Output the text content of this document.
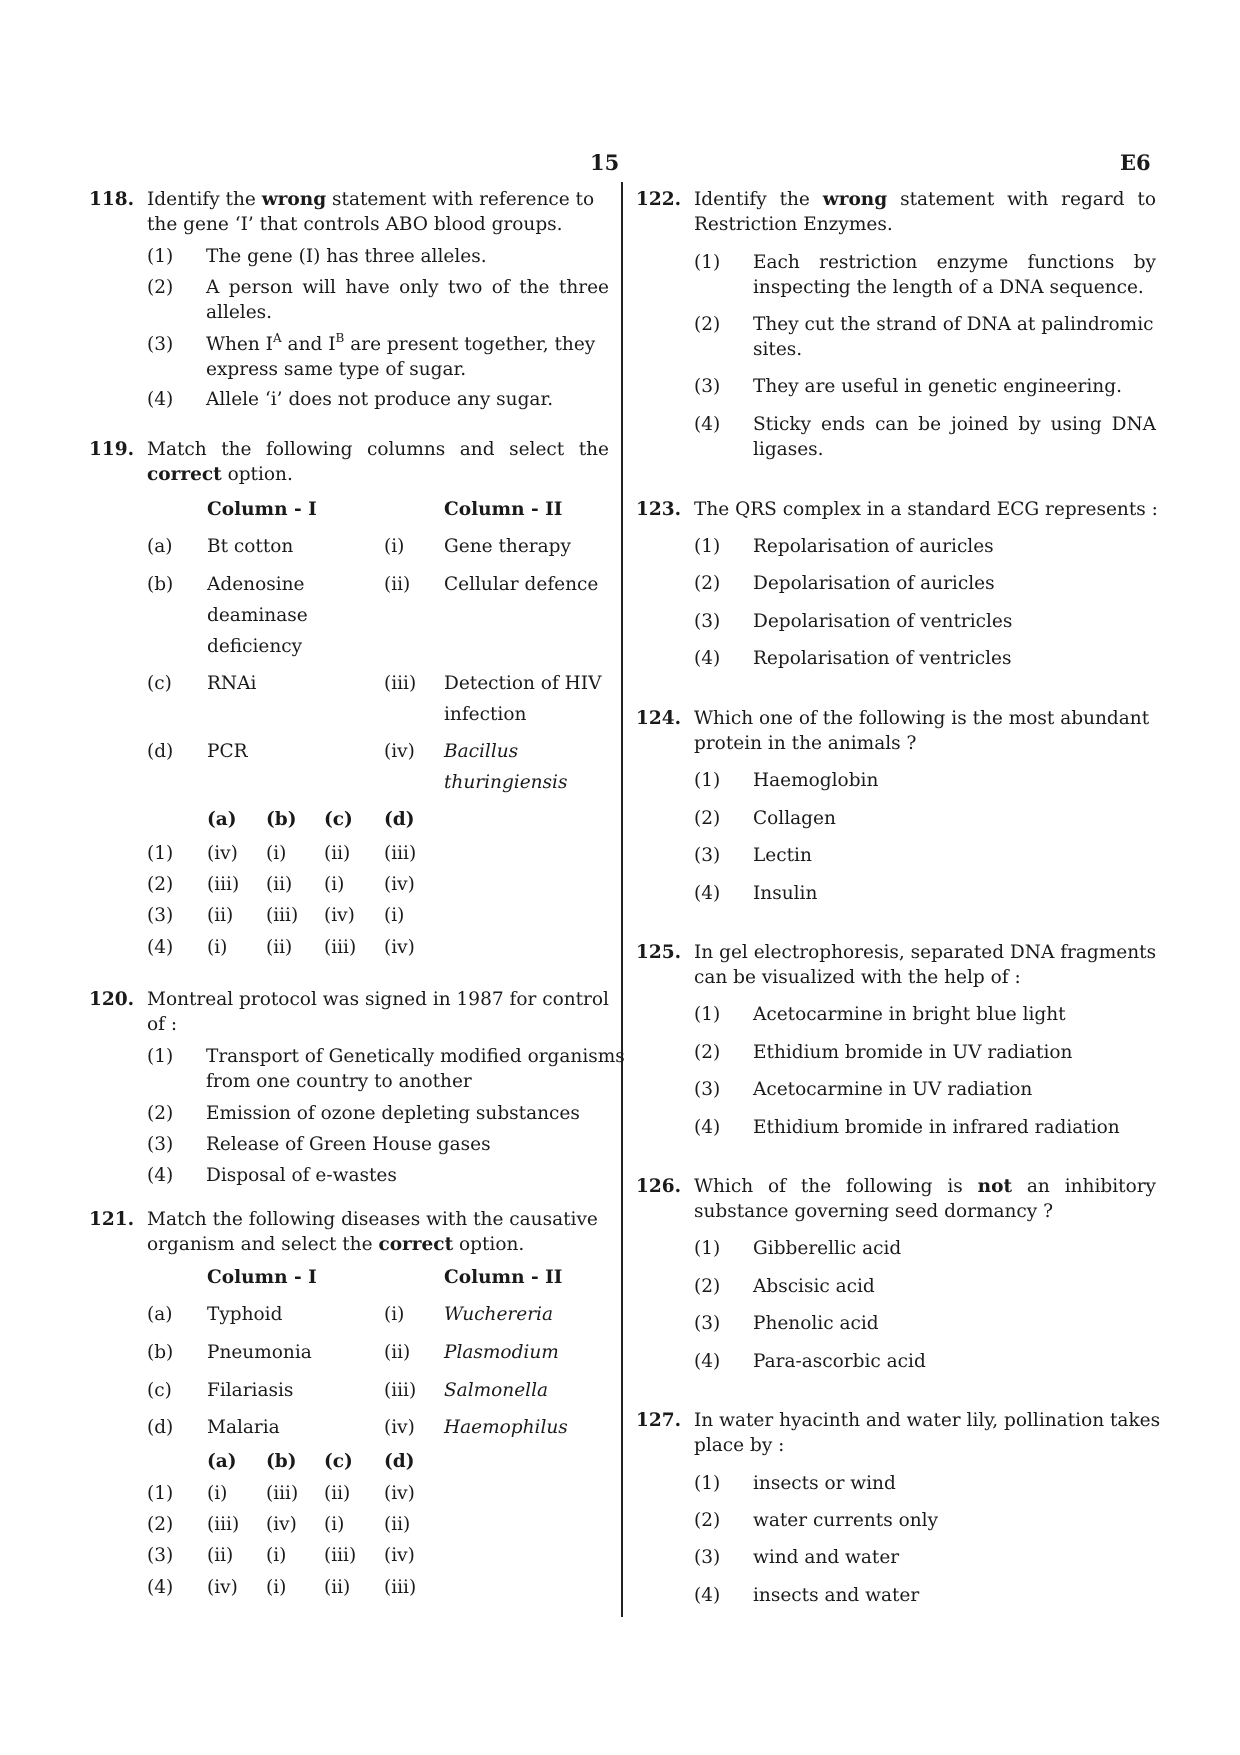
15	E6
118. Identify the wrong statement with reference to
the gene ‘I’ that controls ABO blood groups.
(1) The gene (I) has three alleles.
(2) A person will have only two of the three
alleles.
(3) When $I^A$ and $I^B$ are present together, they
express same type of sugar.
(4) Allele ‘i’ does not produce any sugar.
119. Match the following columns and select the
correct option.
Column - I	Column - II
(a) Bt cotton	(i) Gene therapy
(b) Adenosine
deaminase
deficiency
(ii) Cellular defence
(c) RNAi	(iii) Detection of HIV
infection
(d) PCR	(iv) Bacillus
thuringiensis
(a) (b) (c) (d)
(1) (iv) (i) (ii) (iii)
(2) (iii) (ii) (i) (iv)
(3) (ii) (iii) (iv) (i)
(4) (i) (ii) (iii) (iv)
120. Montreal protocol was signed in 1987 for control
of :
(1) Transport of Genetically modified organisms
from one country to another
(2) Emission of ozone depleting substances
(3) Release of Green House gases
(4) Disposal of e-wastes
121. Match the following diseases with the causative
organism and select the correct option.
Column - I	Column - II
(a) Typhoid	(i) Wuchereria
(b) Pneumonia	(ii) Plasmodium
(c) Filariasis	(iii) Salmonella
(d) Malaria	(iv) Haemophilus
(a) (b) (c) (d)
(1) (i) (iii) (ii) (iv)
(2) (iii) (iv) (i) (ii)
(3) (ii) (i) (iii) (iv)
(4) (iv) (i) (ii) (iii)
122. Identify the wrong statement with regard to
Restriction Enzymes.
(1) Each restriction enzyme functions by
inspecting the length of a DNA sequence.
(2) They cut the strand of DNA at palindromic
sites.
(3) They are useful in genetic engineering.
(4) Sticky ends can be joined by using DNA
ligases.
123. The QRS complex in a standard ECG represents :
(1) Repolarisation of auricles
(2) Depolarisation of auricles
(3) Depolarisation of ventricles
(4) Repolarisation of ventricles
124. Which one of the following is the most abundant
protein in the animals ?
(1) Haemoglobin
(2) Collagen
(3) Lectin
(4) Insulin
125. In gel electrophoresis, separated DNA fragments
can be visualized with the help of :
(1) Acetocarmine in bright blue light
(2) Ethidium bromide in UV radiation
(3) Acetocarmine in UV radiation
(4) Ethidium bromide in infrared radiation
126. Which of the following is not an inhibitory
substance governing seed dormancy ?
(1) Gibberellic acid
(2) Abscisic acid
(3) Phenolic acid
(4) Para-ascorbic acid
127. In water hyacinth and water lily, pollination takes
place by :
(1) insects or wind
(2) water currents only
(3) wind and water
(4) insects and water
